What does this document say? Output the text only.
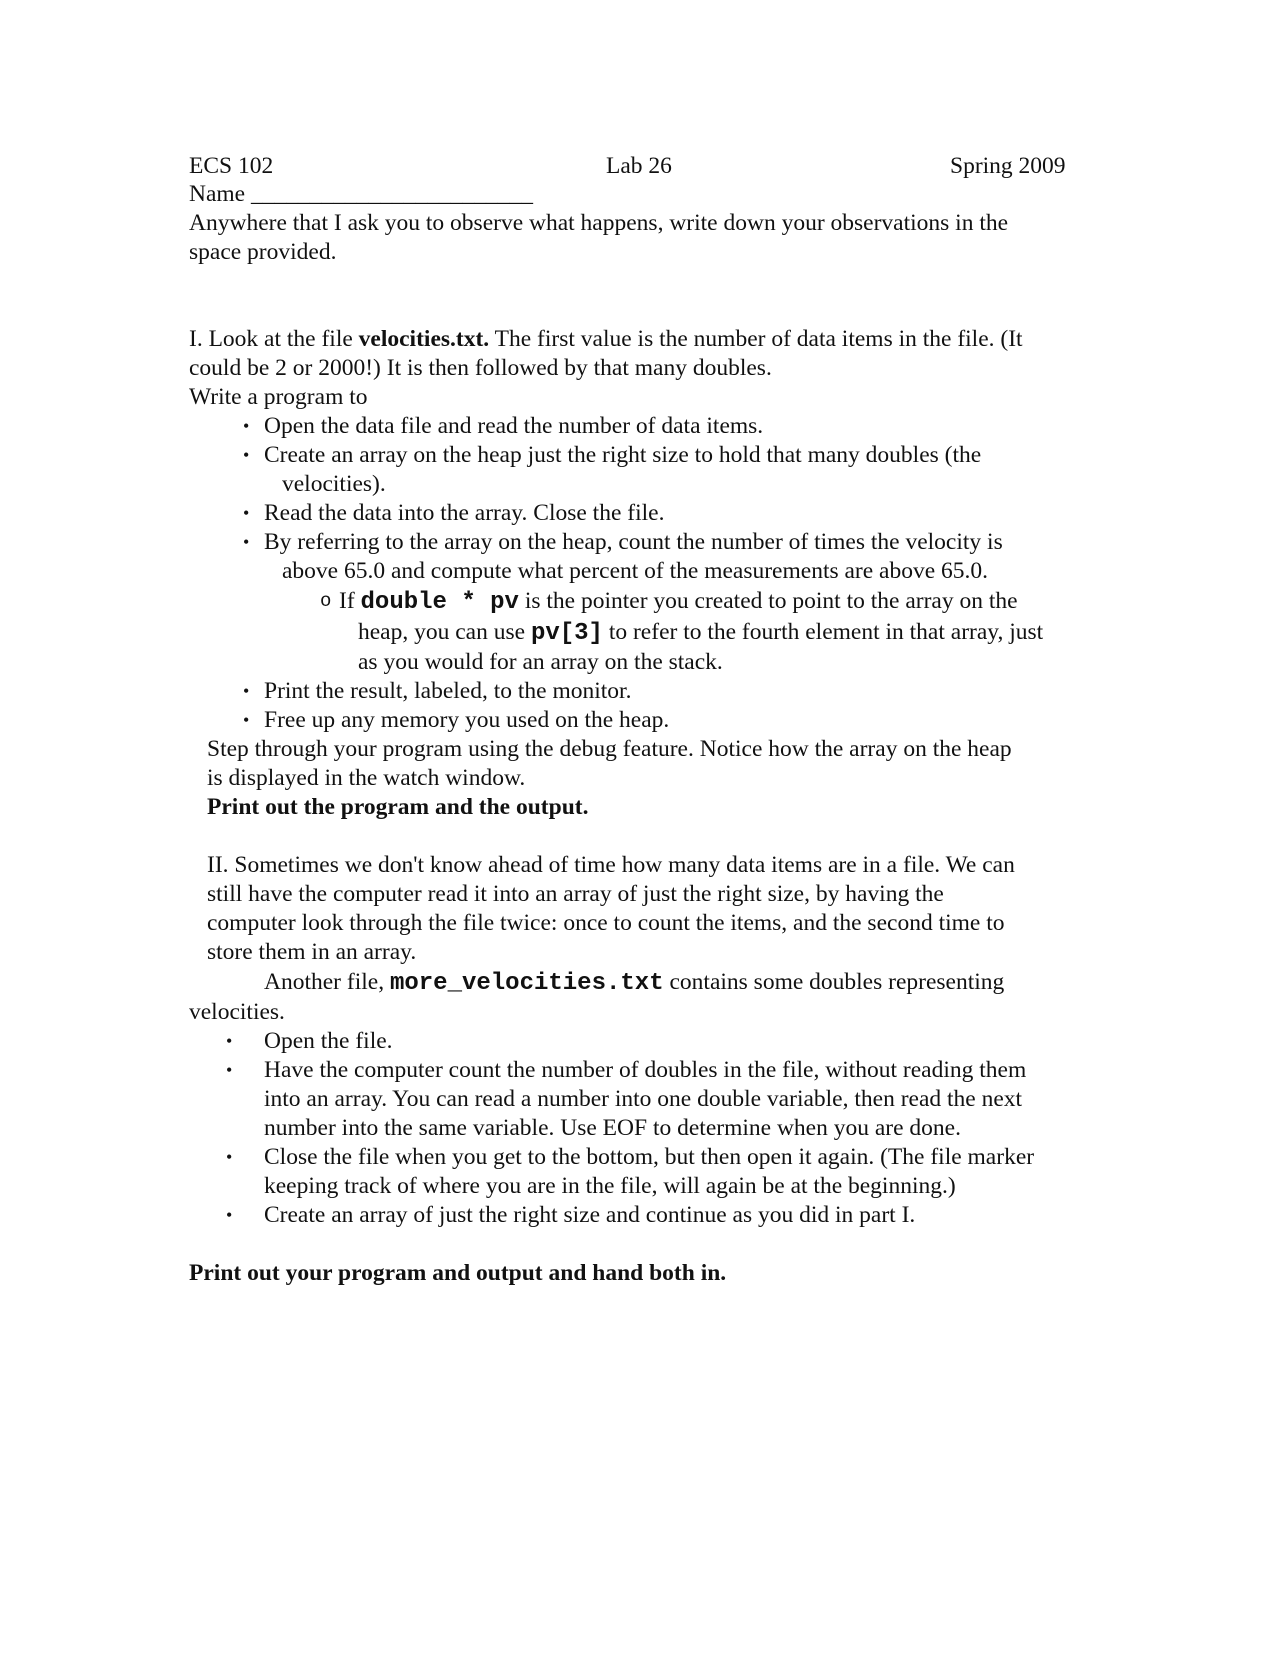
ECS 102	Lab 26	Spring 2009
Name ________________________
Anywhere that I ask you to observe what happens, write down your observations in the
space provided.
I. Look at the file velocities.txt. The first value is the number of data items in the file. (It
could be 2 or 2000!) It is then followed by that many doubles.
Write a program to
• Open the data file and read the number of data items.
• Create an array on the heap just the right size to hold that many doubles (the
velocities).
• Read the data into the array. Close the file.
• By referring to the array on the heap, count the number of times the velocity is
above 65.0 and compute what percent of the measurements are above 65.0.
o If double * pv is the pointer you created to point to the array on the
heap, you can use pv[3] to refer to the fourth element in that array, just
as you would for an array on the stack.
• Print the result, labeled, to the monitor.
• Free up any memory you used on the heap.
Step through your program using the debug feature. Notice how the array on the heap
is displayed in the watch window.
Print out the program and the output.
II. Sometimes we don't know ahead of time how many data items are in a file. We can
still have the computer read it into an array of just the right size, by having the
computer look through the file twice: once to count the items, and the second time to
store them in an array.
Another file, more_velocities.txt contains some doubles representing
velocities.
• Open the file.
• Have the computer count the number of doubles in the file, without reading them
into an array. You can read a number into one double variable, then read the next
number into the same variable. Use EOF to determine when you are done.
• Close the file when you get to the bottom, but then open it again. (The file marker
keeping track of where you are in the file, will again be at the beginning.)
• Create an array of just the right size and continue as you did in part I.
Print out your program and output and hand both in.
